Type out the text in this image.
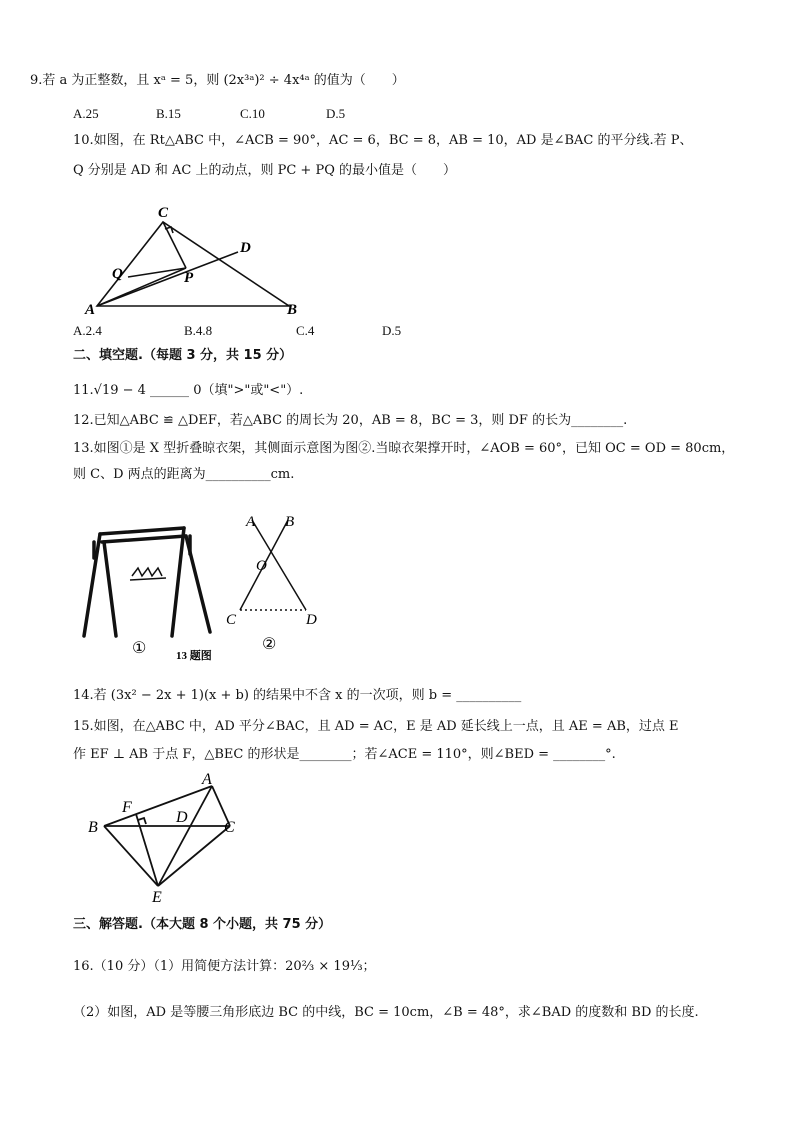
9.若 a 为正整数，且 xᵃ = 5，则 (2x³ᵃ)² ÷ 4x⁴ᵃ 的值为（　　）
A.25	B.15	C.10	D.5
10.如图，在 Rt△ABC 中，∠ACB = 90°，AC = 6，BC = 8，AB = 10，AD 是∠BAC 的平分线.若 P、
Q 分别是 AD 和 AC 上的动点，则 PC + PQ 的最小值是（　　）
C
D
Q	P
A	B
A.2.4	B.4.8	C.4	D.5
二、填空题.（每题 3 分，共 15 分）
11.√19 − 4 ______ 0（填">"或"<"）.
12.已知△ABC ≌ △DEF，若△ABC 的周长为 20，AB = 8，BC = 3，则 DF 的长为________.
13.如图①是 X 型折叠晾衣架，其侧面示意图为图②.当晾衣架撑开时，∠AOB = 60°，已知 OC = OD = 80cm，
则 C、D 两点的距离为__________cm.
①	13 题图
A B
O
C	D
②
14.若 (3x² − 2x + 1)(x + b) 的结果中不含 x 的一次项，则 b = __________
15.如图，在△ABC 中，AD 平分∠BAC，且 AD = AC，E 是 AD 延长线上一点，且 AE = AB，过点 E
作 EF ⊥ AB 于点 F，△BEC 的形状是________；若∠ACE = 110°，则∠BED = ________°.
A
F
B
D
C
E
三、解答题.（本大题 8 个小题，共 75 分）
16.（10 分）（1）用简便方法计算：20⅔ × 19⅓；
（2）如图，AD 是等腰三角形底边 BC 的中线，BC = 10cm，∠B = 48°，求∠BAD 的度数和 BD 的长度.
